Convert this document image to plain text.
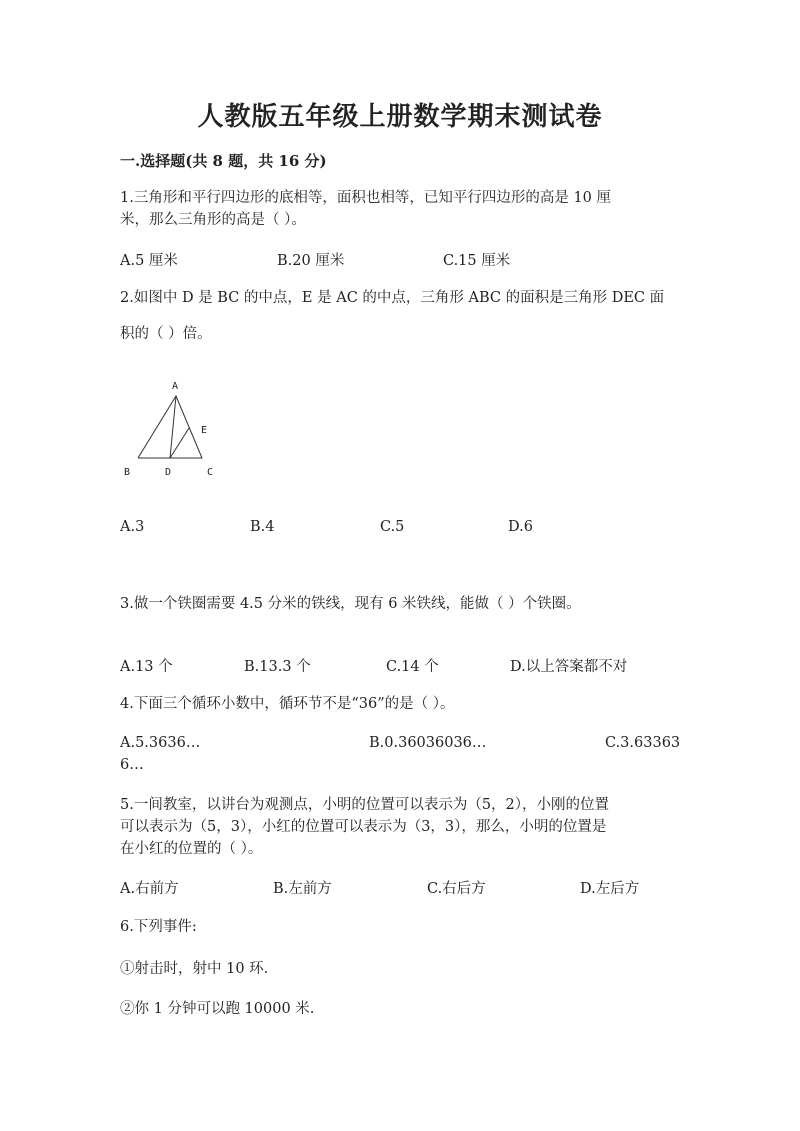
人教版五年级上册数学期末测试卷
一.选择题(共 8 题，共 16 分)
1.三角形和平行四边形的底相等，面积也相等，已知平行四边形的高是 10 厘
米，那么三角形的高是（ ）。
A.5 厘米	B.20 厘米	C.15 厘米
2.如图中 D 是 BC 的中点，E 是 AC 的中点，三角形 ABC 的面积是三角形 DEC 面
积的（ ）倍。
A
B	D	C
E
A.3	B.4	C.5	D.6
3.做一个铁圈需要 4.5 分米的铁线，现有 6 米铁线，能做（ ）个铁圈。
A.13 个	B.13.3 个	C.14 个	D.以上答案都不对
4.下面三个循环小数中，循环节不是“36”的是（ ）。
A.5.3636…	B.0.36036036…	C.3.63363
6…
5.一间教室，以讲台为观测点，小明的位置可以表示为（5，2），小刚的位置
可以表示为（5，3），小红的位置可以表示为（3，3），那么，小明的位置是
在小红的位置的（ ）。
A.右前方	B.左前方	C.右后方	D.左后方
6.下列事件:
①射击时，射中 10 环.
②你 1 分钟可以跑 10000 米.
